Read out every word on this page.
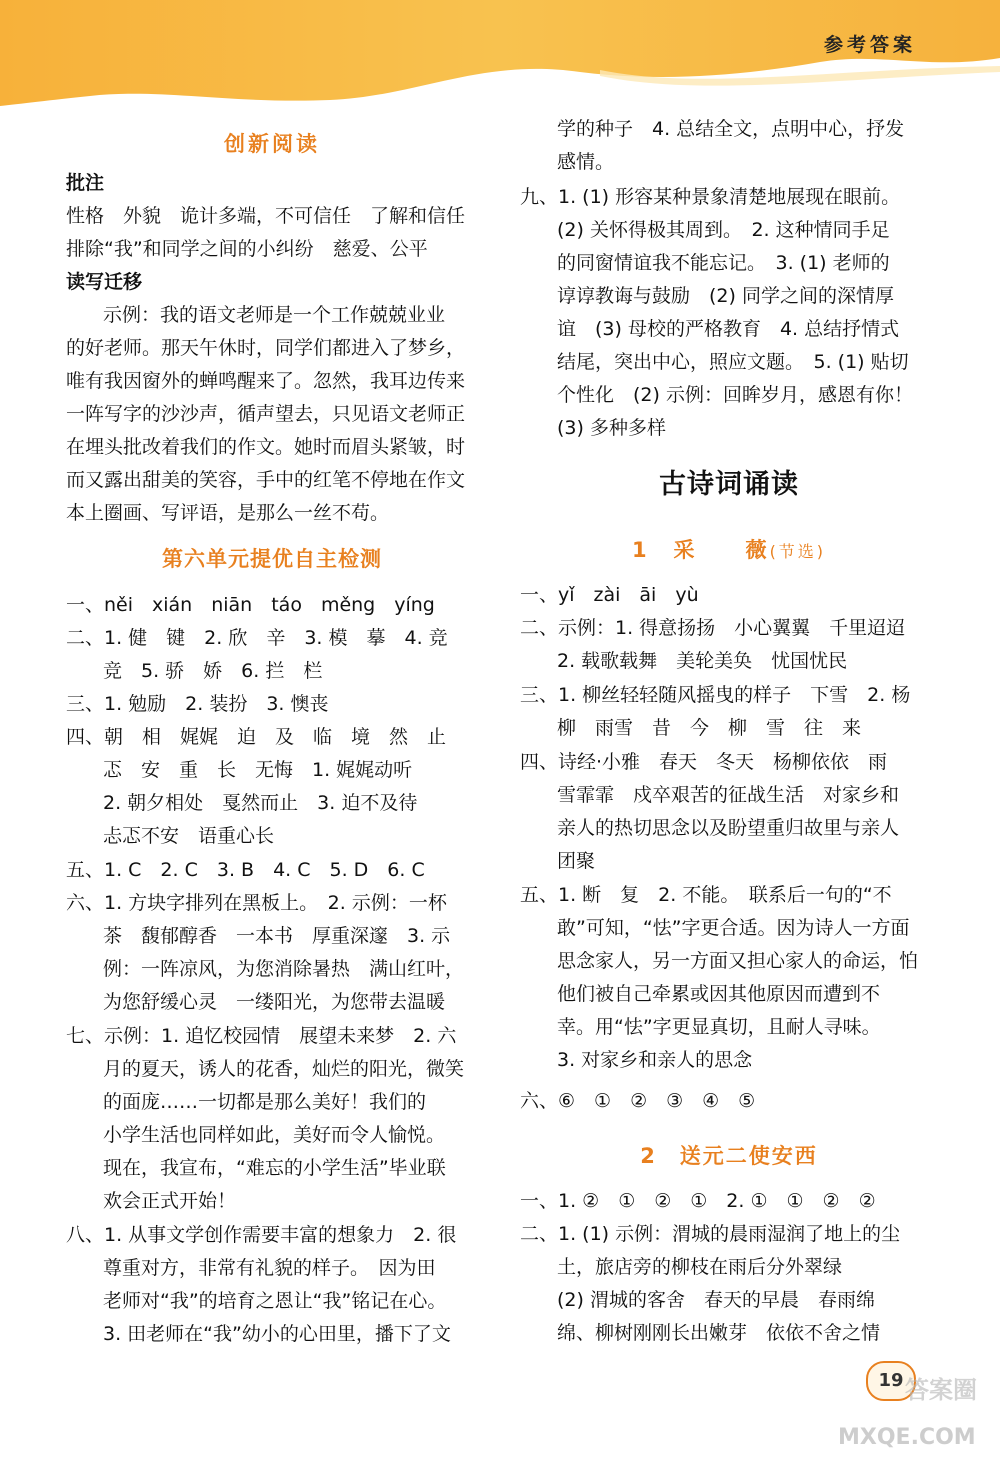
参考答案
创新阅读
批注
性格　外貌　诡计多端，不可信任　了解和信任
排除“我”和同学之间的小纠纷　慈爱、公平
读写迁移
示例：我的语文老师是一个工作兢兢业业
的好老师。那天午休时，同学们都进入了梦乡，
唯有我因窗外的蝉鸣醒来了。忽然，我耳边传来
一阵写字的沙沙声，循声望去，只见语文老师正
在埋头批改着我们的作文。她时而眉头紧皱，时
而又露出甜美的笑容，手中的红笔不停地在作文
本上圈画、写评语，是那么一丝不苟。
第六单元提优自主检测
一、něi　xián　niān　táo　měng　yíng
二、1. 健　键　2. 欣　辛　3. 模　摹　4. 竞
竞　5. 骄　娇　6. 拦　栏
三、1. 勉励　2. 装扮　3. 懊丧
四、朝　相　娓娓　迫　及　临　境　然　止
忑　安　重　长　无悔　1. 娓娓动听
2. 朝夕相处　戛然而止　3. 迫不及待
忐忑不安　语重心长
五、1. C　2. C　3. B　4. C　5. D　6. C
六、1. 方块字排列在黑板上。　2. 示例：一杯
茶　馥郁醇香　一本书　厚重深邃　3. 示
例：一阵凉风，为您消除暑热　满山红叶，
为您舒缓心灵　一缕阳光，为您带去温暖
七、示例：1. 追忆校园情　展望未来梦　2. 六
月的夏天，诱人的花香，灿烂的阳光，微笑
的面庞……一切都是那么美好！我们的
小学生活也同样如此，美好而令人愉悦。
现在，我宣布，“难忘的小学生活”毕业联
欢会正式开始！
八、1. 从事文学创作需要丰富的想象力　2. 很
尊重对方，非常有礼貌的样子。　因为田
老师对“我”的培育之恩让“我”铭记在心。
3. 田老师在“我”幼小的心田里，播下了文
学的种子　4. 总结全文，点明中心，抒发
感情。
九、1. (1) 形容某种景象清楚地展现在眼前。
(2) 关怀得极其周到。　2. 这种情同手足
的同窗情谊我不能忘记。　3. (1) 老师的
谆谆教诲与鼓励　(2) 同学之间的深情厚
谊　(3) 母校的严格教育　4. 总结抒情式
结尾，突出中心，照应文题。　5. (1) 贴切
个性化　(2) 示例：回眸岁月，感恩有你！
(3) 多种多样
古诗词诵读
1　采　　薇(节选)
一、yǐ　zài　āi　yù
二、示例：1. 得意扬扬　小心翼翼　千里迢迢
2. 载歌载舞　美轮美奂　忧国忧民
三、1. 柳丝轻轻随风摇曳的样子　下雪　2. 杨
柳　雨雪　昔　今　柳　雪　往　来
四、诗经·小雅　春天　冬天　杨柳依依　雨
雪霏霏　戍卒艰苦的征战生活　对家乡和
亲人的热切思念以及盼望重归故里与亲人
团聚
五、1. 断　复　2. 不能。　联系后一句的“不
敢”可知，“怯”字更合适。因为诗人一方面
思念家人，另一方面又担心家人的命运，怕
他们被自己牵累或因其他原因而遭到不
幸。用“怯”字更显真切，且耐人寻味。
3. 对家乡和亲人的思念
六、⑥　①　②　③　④　⑤
2　送元二使安西
一、1. ②　①　②　①　2. ①　①　②　②
二、1. (1) 示例：渭城的晨雨湿润了地上的尘
土，旅店旁的柳枝在雨后分外翠绿
(2) 渭城的客舍　春天的早晨　春雨绵
绵、柳树刚刚长出嫩芽　依依不舍之情
19 答案圈
MXQE.COM
